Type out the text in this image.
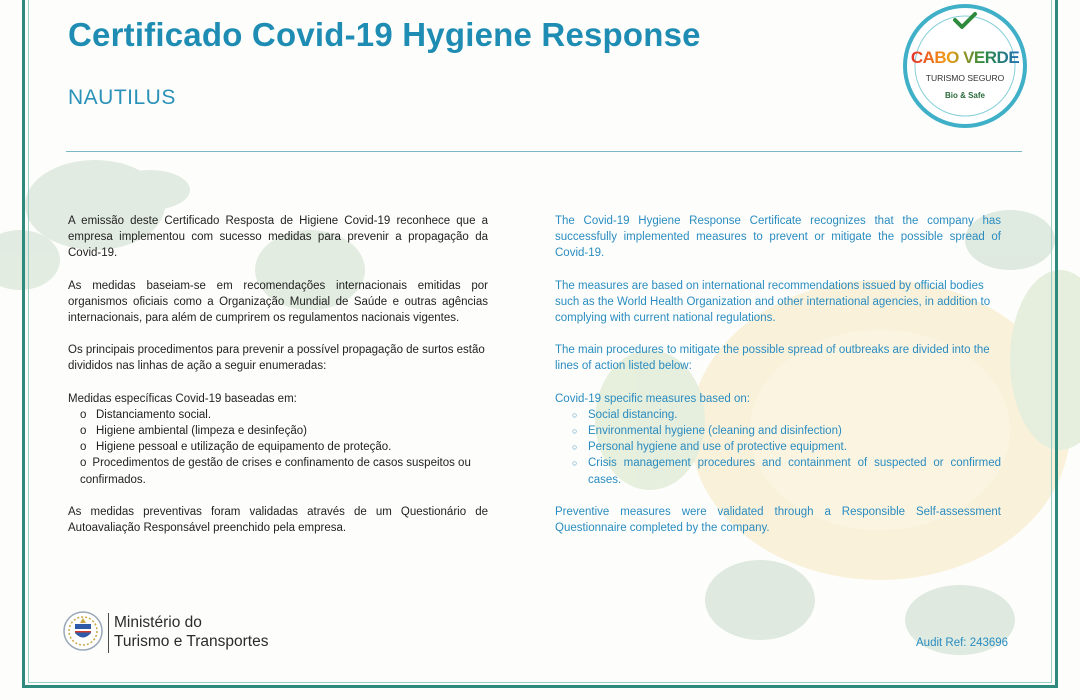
Certificado Covid-19 Hygiene Response
NAUTILUS
CABO VERDE
TURISMO SEGURO
Bio & Safe

A emissão deste Certificado Resposta de Higiene Covid-19 reconhece que a empresa implementou com sucesso medidas para prevenir a propagação da Covid-19.

As medidas baseiam-se em recomendações internacionais emitidas por organismos oficiais como a Organização Mundial de Saúde e outras agências internacionais, para além de cumprirem os regulamentos nacionais vigentes.

Os principais procedimentos para prevenir a possível propagação de surtos estão divididos nas linhas de ação a seguir enumeradas:

Medidas específicas Covid-19 baseadas em:

o Distanciamento social.
o Higiene ambiental (limpeza e desinfeção)
o Higiene pessoal e utilização de equipamento de proteção.
o Procedimentos de gestão de crises e confinamento de casos suspeitos ou confirmados.

As medidas preventivas foram validadas através de um Questionário de Autoavaliação Responsável preenchido pela empresa.

The Covid-19 Hygiene Response Certificate recognizes that the company has successfully implemented measures to prevent or mitigate the possible spread of Covid-19.

The measures are based on international recommendations issued by official bodies such as the World Health Organization and other international agencies, in addition to complying with current national regulations.

The main procedures to mitigate the possible spread of outbreaks are divided into the lines of action listed below:

Covid-19 specific measures based on:

○ Social distancing.
○ Environmental hygiene (cleaning and disinfection)
○ Personal hygiene and use of protective equipment.
○ Crisis management procedures and containment of suspected or confirmed cases.

Preventive measures were validated through a Responsible Self-assessment Questionnaire completed by the company.

Ministério do
Turismo e Transportes	Audit Ref: 243696
